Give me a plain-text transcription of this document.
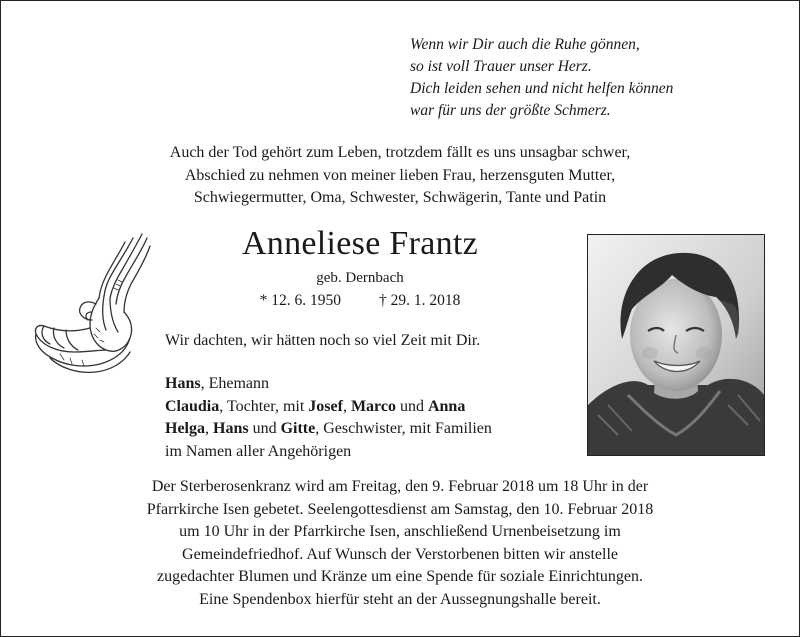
Wenn wir Dir auch die Ruhe gönnen,
so ist voll Trauer unser Herz.
Dich leiden sehen und nicht helfen können
war für uns der größte Schmerz.
Auch der Tod gehört zum Leben, trotzdem fällt es uns unsagbar schwer,
Abschied zu nehmen von meiner lieben Frau, herzensguten Mutter,
Schwiegermutter, Oma, Schwester, Schwägerin, Tante und Patin
Anneliese Frantz
geb. Dernbach
* 12. 6. 1950 † 29. 1. 2018
Wir dachten, wir hätten noch so viel Zeit mit Dir.
Hans, Ehemann
Claudia, Tochter, mit Josef, Marco und Anna
Helga, Hans und Gitte, Geschwister, mit Familien
im Namen aller Angehörigen
Der Sterberosenkranz wird am Freitag, den 9. Februar 2018 um 18 Uhr in der
Pfarrkirche Isen gebetet. Seelengottesdienst am Samstag, den 10. Februar 2018
um 10 Uhr in der Pfarrkirche Isen, anschließend Urnenbeisetzung im
Gemeindefriedhof. Auf Wunsch der Verstorbenen bitten wir anstelle
zugedachter Blumen und Kränze um eine Spende für soziale Einrichtungen.
Eine Spendenbox hierfür steht an der Aussegnungshalle bereit.
